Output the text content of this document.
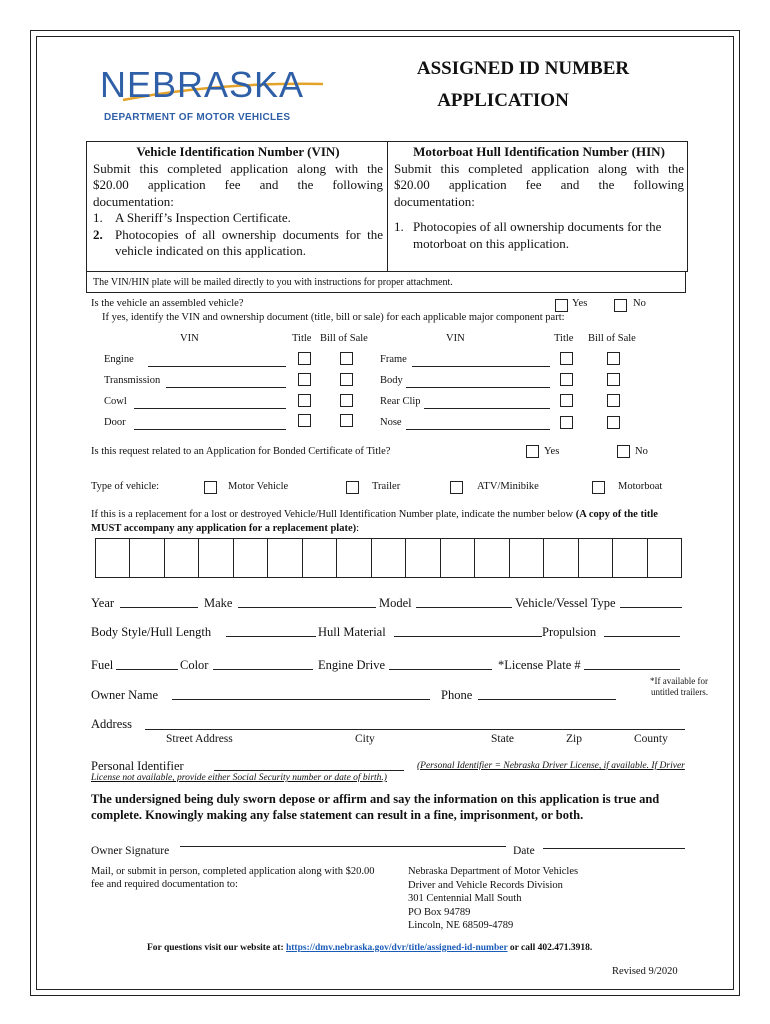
NEBRASKA
DEPARTMENT OF MOTOR VEHICLES
ASSIGNED ID NUMBER
APPLICATION
Vehicle Identification Number (VIN)

Submit this completed application along with the $20.00 application fee and the following documentation:

1. A Sheriff’s Inspection Certificate.
2. Photocopies of all ownership documents for the vehicle indicated on this application.
Motorboat Hull Identification Number (HIN)

Submit this completed application along with the $20.00 application fee and the following documentation:

1. Photocopies of all ownership documents for the motorboat on this application.
The VIN/HIN plate will be mailed directly to you with instructions for proper attachment.
Is the vehicle an assembled vehicle?	Yes	No
If yes, identify the VIN and ownership document (title, bill or sale) for each applicable major component part:
VIN	Title Bill of Sale	VIN	Title Bill of Sale
Engine	Frame
Transmission	Body
Cowl	Rear Clip
Door	Nose
Is this request related to an Application for Bonded Certificate of Title?	Yes	No
Type of vehicle:	Motor Vehicle	Trailer	ATV/Minibike	Motorboat
If this is a replacement for a lost or destroyed Vehicle/Hull Identification Number plate, indicate the number below (A copy of the title MUST accompany any application for a replacement plate):
Year	Make	Model	Vehicle/Vessel Type
Body Style/Hull Length	Hull Material	Propulsion
Fuel	Color	Engine Drive	*License Plate #
*If available for untitled trailers.
Owner Name	Phone
Address
Street Address	City	State	Zip	County
Personal Identifier	(Personal Identifier = Nebraska Driver License, if available. If Driver License not available, provide either Social Security number or date of birth.)
The undersigned being duly sworn depose or affirm and say the information on this application is true and complete. Knowingly making any false statement can result in a fine, imprisonment, or both.
Owner Signature	Date
Mail, or submit in person, completed application along with $20.00 fee and required documentation to:
Nebraska Department of Motor Vehicles
Driver and Vehicle Records Division
301 Centennial Mall South
PO Box 94789
Lincoln, NE 68509-4789
For questions visit our website at: https://dmv.nebraska.gov/dvr/title/assigned-id-number or call 402.471.3918.
Revised 9/2020
